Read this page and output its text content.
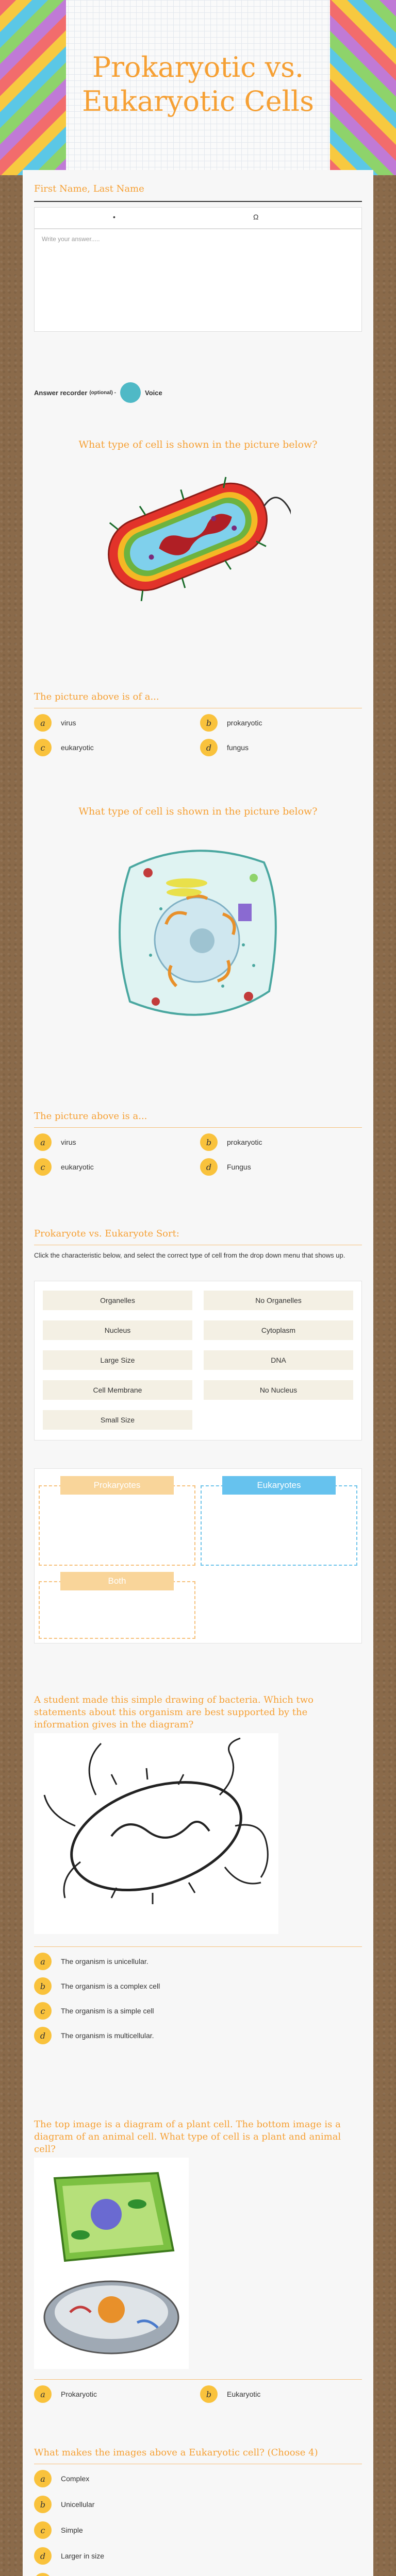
Prokaryotic vs. Eukaryotic Cells
First Name, Last Name
•	Ω
Write your answer.....
Answer recorder (optional) -	Voice
What type of cell is shown in the picture below?
The picture above is of a...
a	virus	b	prokaryotic
c	eukaryotic	d	fungus
What type of cell is shown in the picture below?
The picture above is a...
a	virus	b	prokaryotic
c	eukaryotic	d	Fungus
Prokaryote vs. Eukaryote Sort:
Click the characteristic below, and select the correct type of cell from the drop down menu that shows up.
Organelles	No Organelles
Nucleus	Cytoplasm
Large Size	DNA
Cell Membrane	No Nucleus
Small Size
Prokaryotes	Eukaryotes
Both
A student made this simple drawing of bacteria. Which two statements about this organism are best supported by the information gives in the diagram?
a	The organism is unicellular.
b	The organism is a complex cell
c	The organism is a simple cell
d	The organism is multicellular.
The top image is a diagram of a plant cell. The bottom image is a diagram of an animal cell. What type of cell is a plant and animal cell?
a	Prokaryotic	b	Eukaryotic
What makes the images above a Eukaryotic cell? (Choose 4)
a	Complex
b	Unicellular
c	Simple
d	Larger in size
